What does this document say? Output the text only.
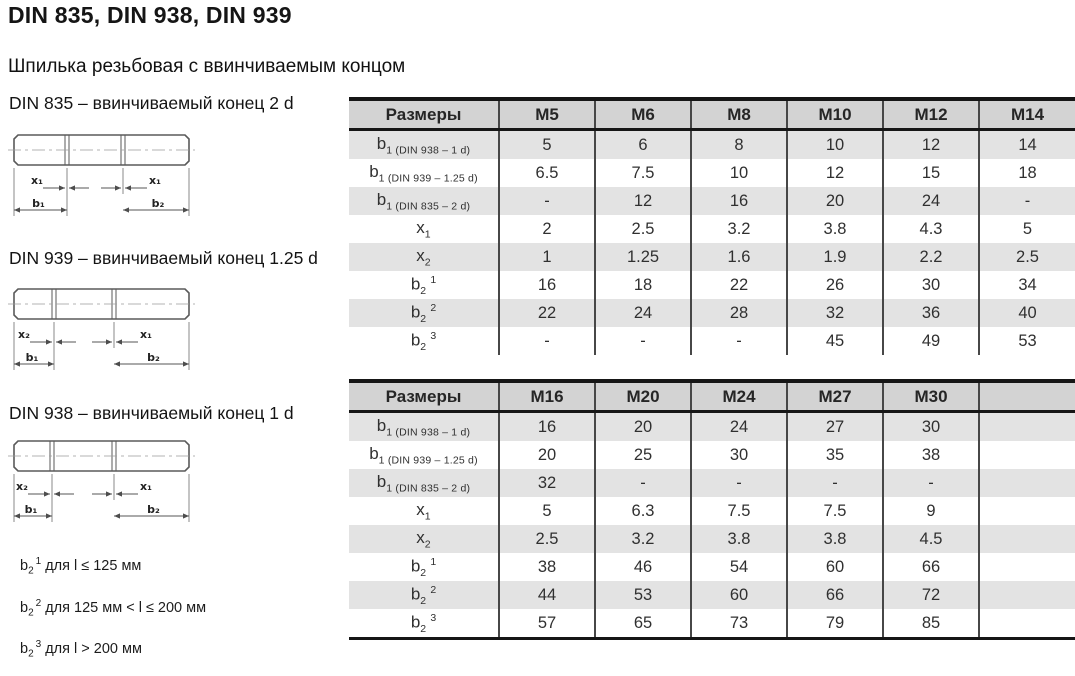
DIN 835, DIN 938, DIN 939
Шпилька резьбовая с ввинчиваемым концом
DIN 835 – ввинчиваемый конец 2 d
x₁	x₁
b₁	b₂
DIN 939 – ввинчиваемый конец 1.25 d
x₂	x₁
b₁	b₂
DIN 938 – ввинчиваемый конец 1 d
x₂	x₁
b₁	b₂
$b_2^1$ для l ≤ 125 мм
$b_2^2$ для 125 мм < l ≤ 200 мм
$b_2^3$ для l > 200 мм
Размеры	M5	M6	M8	M10	M12	M14
$b_{1 (DIN 938 - 1 d)}$	5	6	8	10	12	14
$b_{1 (DIN 939 - 1.25 d)}$	6.5	7.5	10	12	15	18
$b_{1 (DIN 835 - 2 d)}$	-	12	16	20	24	-
$x_1$	2	2.5	3.2	3.8	4.3	5
$x_2$	1	1.25	1.6	1.9	2.2	2.5
$b_2^1$	16	18	22	26	30	34
$b_2^2$	22	24	28	32	36	40
$b_2^3$	-	-	-	45	49	53
Размеры	M16	M20	M24	M27	M30	
$b_{1 (DIN 938 - 1 d)}$	16	20	24	27	30	
$b_{1 (DIN 939 - 1.25 d)}$	20	25	30	35	38	
$b_{1 (DIN 835 - 2 d)}$	32	-	-	-	-	
$x_1$	5	6.3	7.5	7.5	9	
$x_2$	2.5	3.2	3.8	3.8	4.5	
$b_2^1$	38	46	54	60	66	
$b_2^2$	44	53	60	66	72	
$b_2^3$	57	65	73	79	85	
